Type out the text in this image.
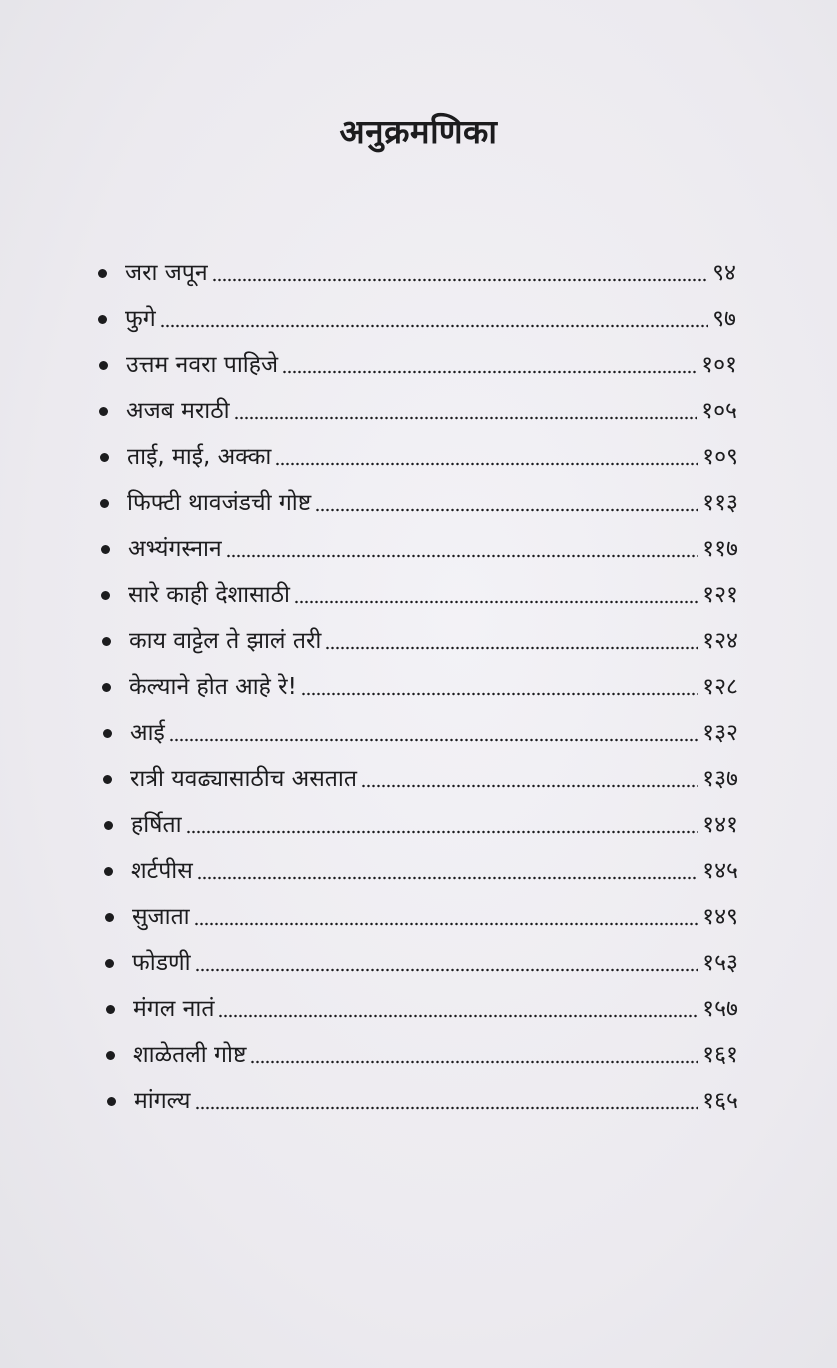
अनुक्रमणिका
जरा जपून	९४
फुगे	९७
उत्तम नवरा पाहिजे	१०१
अजब मराठी	१०५
ताई, माई, अक्का	१०९
फिफ्टी थावजंडची गोष्ट	११३
अभ्यंगस्नान	११७
सारे काही देशासाठी	१२१
काय वाट्टेल ते झालं तरी	१२४
केल्याने होत आहे रे!	१२८
आई	१३२
रात्री यवढ्यासाठीच असतात	१३७
हर्षिता	१४१
शर्टपीस	१४५
सुजाता	१४९
फोडणी	१५३
मंगल नातं	१५७
शाळेतली गोष्ट	१६१
मांगल्य	१६५
